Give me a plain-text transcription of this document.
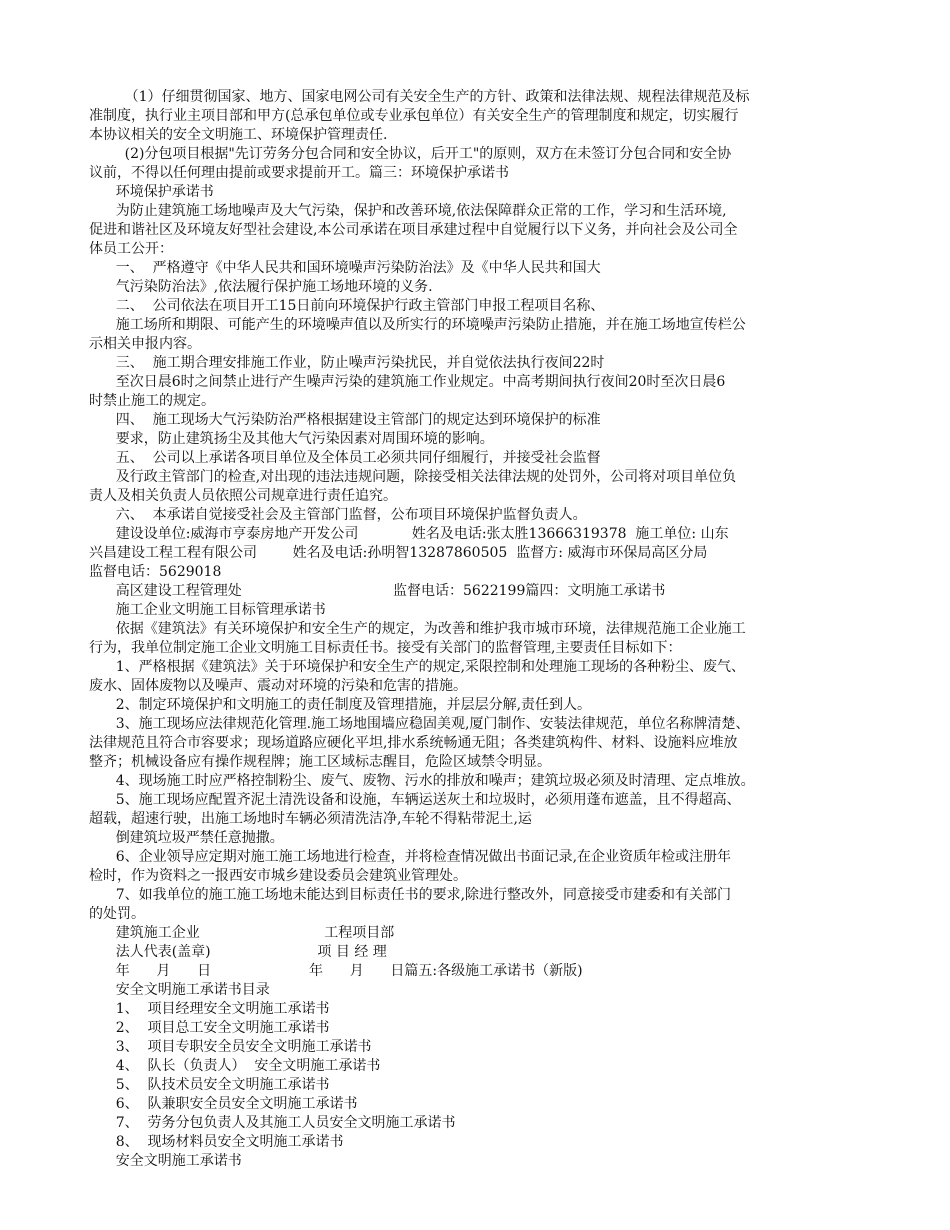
（1）仔细贯彻国家、地方、国家电网公司有关安全生产的方针、政策和法律法规、规程法律规范及标
准制度，执行业主项目部和甲方(总承包单位或专业承包单位）有关安全生产的管理制度和规定，切实履行
本协议相关的安全文明施工、环境保护管理责任.
(2)分包项目根据"先订劳务分包合同和安全协议，后开工"的原则，双方在未签订分包合同和安全协
议前，不得以任何理由提前或要求提前开工。篇三：环境保护承诺书
环境保护承诺书
为防止建筑施工场地噪声及大气污染，保护和改善环境,依法保障群众正常的工作，学习和生活环境,
促进和谐社区及环境友好型社会建设,本公司承诺在项目承建过程中自觉履行以下义务，并向社会及公司全
体员工公开：
一、  严格遵守《中华人民共和国环境噪声污染防治法》及《中华人民共和国大
气污染防治法》,依法履行保护施工场地环境的义务.
二、  公司依法在项目开工15日前向环境保护行政主管部门申报工程项目名称、
施工场所和期限、可能产生的环境噪声值以及所实行的环境噪声污染防止措施，并在施工场地宣传栏公
示相关申报内容。
三、  施工期合理安排施工作业，防止噪声污染扰民，并自觉依法执行夜间22时
至次日晨6时之间禁止进行产生噪声污染的建筑施工作业规定。中高考期间执行夜间20时至次日晨6
时禁止施工的规定。
四、  施工现场大气污染防治严格根据建设主管部门的规定达到环境保护的标准
要求，防止建筑扬尘及其他大气污染因素对周围环境的影响。
五、  公司以上承诺各项目单位及全体员工必须共同仔细履行，并接受社会监督
及行政主管部门的检查,对出现的违法违规问题，除接受相关法律法规的处罚外，公司将对项目单位负
责人及相关负责人员依照公司规章进行责任追究。
六、  本承诺自觉接受社会及主管部门监督，公布项目环境保护监督负责人。
建设设单位:威海市亨泰房地产开发公司            姓名及电话:张太胜13666319378  施工单位: 山东
兴昌建设工程工程有限公司        姓名及电话:孙明智13287860505  监督方: 威海市环保局高区分局
监督电话：5629018
高区建设工程管理处                                  监督电话：5622199篇四：文明施工承诺书
施工企业文明施工目标管理承诺书
依据《建筑法》有关环境保护和安全生产的规定，为改善和维护我市城市环境，法律规范施工企业施工
行为，我单位制定施工企业文明施工目标责任书。接受有关部门的监督管理,主要责任目标如下：
1、严格根据《建筑法》关于环境保护和安全生产的规定,采限控制和处理施工现场的各种粉尘、废气、
废水、固体废物以及噪声、震动对环境的污染和危害的措施。
2、制定环境保护和文明施工的责任制度及管理措施，并层层分解,责任到人。
3、施工现场应法律规范化管理.施工场地围墙应稳固美观,厦门制作、安装法律规范，单位名称牌清楚、
法律规范且符合市容要求；现场道路应硬化平坦,排水系统畅通无阻；各类建筑构件、材料、设施料应堆放
整齐；机械设备应有操作规程牌；施工区域标志醒目，危险区域禁令明显。
4、现场施工时应严格控制粉尘、废气、废物、污水的排放和噪声；建筑垃圾必须及时清理、定点堆放。
5、施工现场应配置齐泥土清洗设备和设施，车辆运送灰土和垃圾时，必须用蓬布遮盖，且不得超高、
超载，超速行驶，出施工场地时车辆必须清洗洁净,车轮不得粘带泥土,运
倒建筑垃圾严禁任意抛撒。
6、企业领导应定期对施工施工场地进行检查，并将检查情况做出书面记录,在企业资质年检或注册年
检时，作为资料之一报西安市城乡建设委员会建筑业管理处。
7、如我单位的施工施工场地未能达到目标责任书的要求,除进行整改外，同意接受市建委和有关部门
的处罚。
建筑施工企业                            工程项目部
法人代表(盖章)                        项 目 经 理
年      月      日                      年      月      日篇五:各级施工承诺书（新版)
安全文明施工承诺书目录
1、  项目经理安全文明施工承诺书
2、  项目总工安全文明施工承诺书
3、  项目专职安全员安全文明施工承诺书
4、  队长（负责人）  安全文明施工承诺书
5、  队技术员安全文明施工承诺书
6、  队兼职安全员安全文明施工承诺书
7、  劳务分包负责人及其施工人员安全文明施工承诺书
8、  现场材料员安全文明施工承诺书
安全文明施工承诺书
